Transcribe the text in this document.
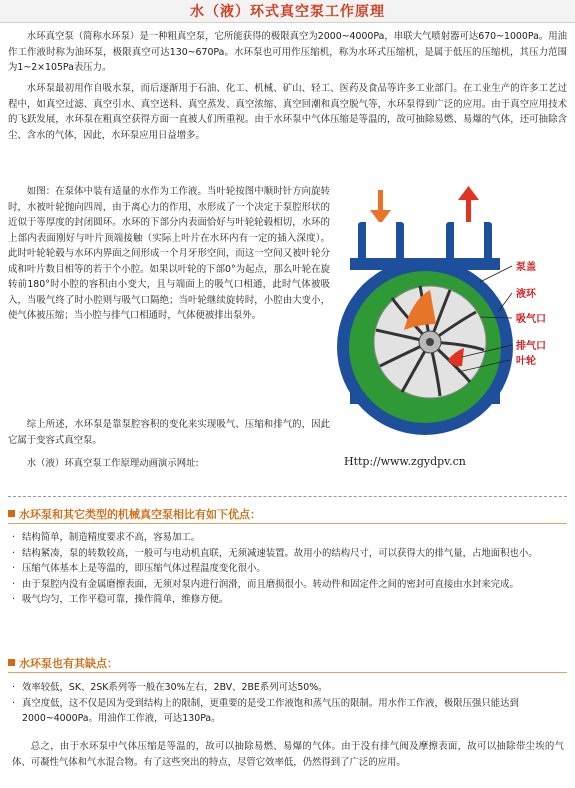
水（液）环式真空泵工作原理
水环真空泵（简称水环泵）是一种粗真空泵，它所能获得的极限真空为2000~4000Pa，串联大气喷射器可达670~1000Pa。用油作工作液时称为油环泵，极限真空可达130~670Pa。水环泵也可用作压缩机，称为水环式压缩机，是属于低压的压缩机，其压力范围为1~2×105Pa表压力。
水环泵最初用作自吸水泵，而后逐渐用于石油、化工、机械、矿山、轻工、医药及食品等许多工业部门。在工业生产的许多工艺过程中，如真空过滤、真空引水、真空送料、真空蒸发、真空浓缩、真空回潮和真空脱气等，水环泵得到广泛的应用。由于真空应用技术的飞跃发展，水环泵在粗真空获得方面一直被人们所重视。由于水环泵中气体压缩是等温的，故可抽除易燃、易爆的气体，还可抽除含尘、含水的气体，因此，水环泵应用日益增多。
如图：在泵体中装有适量的水作为工作液。当叶轮按图中顺时针方向旋转时，水被叶轮抛向四周，由于离心力的作用，水形成了一个决定于泵腔形状的近似于等厚度的封闭圆环。水环的下部分内表面恰好与叶轮轮毂相切，水环的上部内表面刚好与叶片顶端接触（实际上叶片在水环内有一定的插入深度）。此时叶轮轮毂与水环内界面之间形成一个月牙形空间，而这一空间又被叶轮分成和叶片数目相等的若干个小腔。如果以叶轮的下部0°为起点，那么叶轮在旋转前180°时小腔的容积由小变大，且与端面上的吸气口相通，此时气体被吸入，当吸气终了时小腔则与吸气口隔绝；当叶轮继续旋转时，小腔由大变小，使气体被压缩；当小腔与排气口相通时，气体便被排出泵外。
综上所述，水环泵是靠泵腔容积的变化来实现吸气、压缩和排气的，因此它属于变容式真空泵。
水（液）环真空泵工作原理动画演示网址:	Http://www.zgydpv.cn
泵盖
液环
吸气口
排气口
叶轮
水环泵和其它类型的机械真空泵相比有如下优点：
· 结构简单，制造精度要求不高，容易加工。
· 结构紧凑，泵的转数较高，一般可与电动机直联，无须减速装置。故用小的结构尺寸，可以获得大的排气量，占地面积也小。
· 压缩气体基本上是等温的，即压缩气体过程温度变化很小。
· 由于泵腔内没有金属磨擦表面，无须对泵内进行润滑，而且磨损很小。转动件和固定件之间的密封可直接由水封来完成。
· 吸气均匀，工作平稳可靠，操作简单，维修方便。
水环泵也有其缺点：
· 效率较低，SK、2SK系列等一般在30%左右，2BV、2BE系列可达50%。
· 真空度低，这不仅是因为受到结构上的限制，更重要的是受工作液饱和蒸气压的限制。用水作工作液，极限压强只能达到2000~4000Pa。用油作工作液，可达130Pa。
总之，由于水环泵中气体压缩是等温的，故可以抽除易燃、易爆的气体。由于没有排气阀及摩擦表面，故可以抽除带尘埃的气体、可凝性气体和气水混合物。有了这些突出的特点，尽管它效率低，仍然得到了广泛的应用。
